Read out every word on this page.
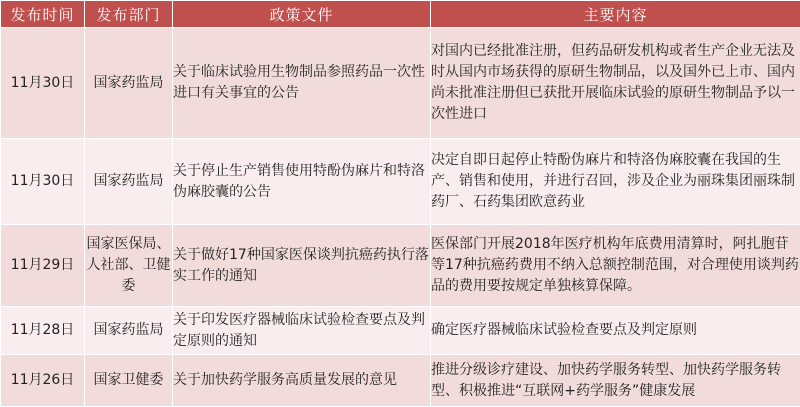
发布时间	发布部门	政策文件	主要内容
11月30日	国家药监局	关于临床试验用生物制品参照药品一次性进口有关事宜的公告	对国内已经批准注册，但药品研发机构或者生产企业无法及时从国内市场获得的原研生物制品，以及国外已上市、国内尚未批准注册但已获批开展临床试验的原研生物制品予以一次性进口
11月30日	国家药监局	关于停止生产销售使用特酚伪麻片和特洛伪麻胶囊的公告	决定自即日起停止特酚伪麻片和特洛伪麻胶囊在我国的生产、销售和使用，并进行召回，涉及企业为丽珠集团丽珠制药厂、石药集团欧意药业
11月29日	国家医保局、人社部、卫健委	关于做好17种国家医保谈判抗癌药执行落实工作的通知	医保部门开展2018年医疗机构年底费用清算时，阿扎胞苷等17种抗癌药费用不纳入总额控制范围，对合理使用谈判药品的费用要按规定单独核算保障。
11月28日	国家药监局	关于印发医疗器械临床试验检查要点及判定原则的通知	确定医疗器械临床试验检查要点及判定原则
11月26日	国家卫健委	关于加快药学服务高质量发展的意见	推进分级诊疗建设、加快药学服务转型、加快药学服务转型、积极推进“互联网+药学服务”健康发展
